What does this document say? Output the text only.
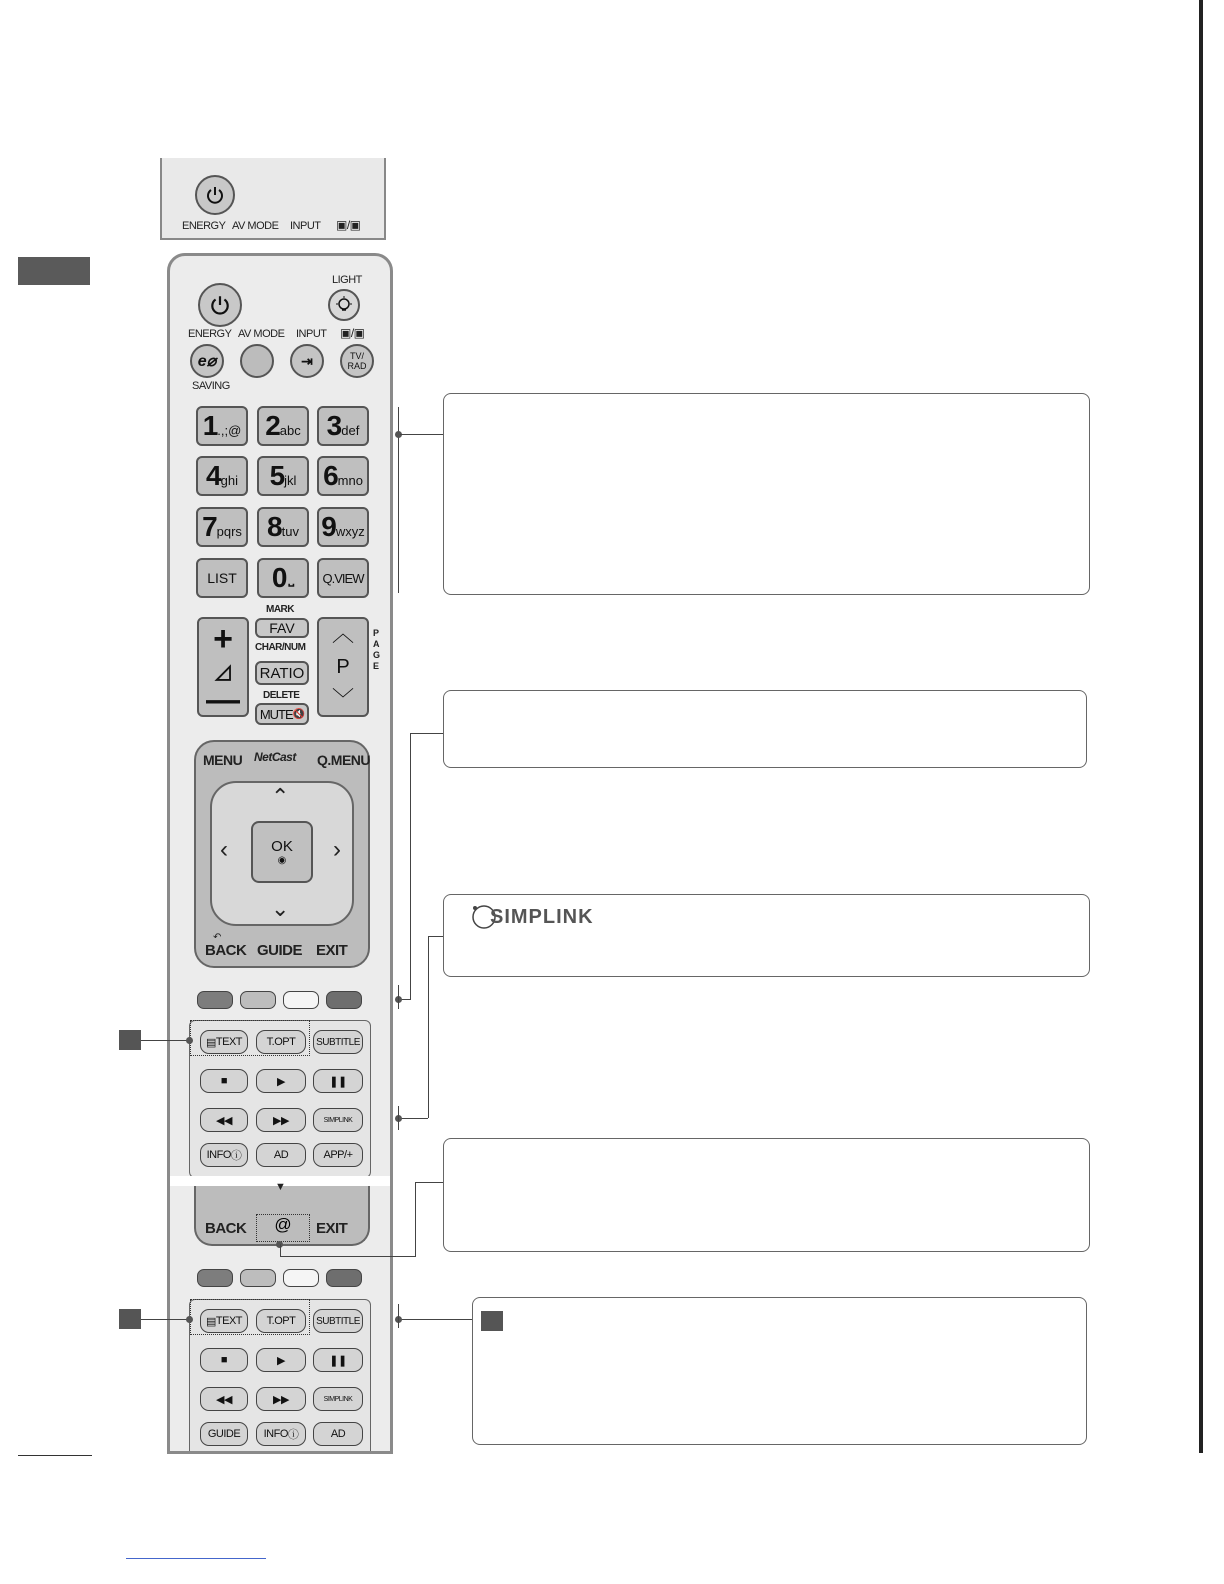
ENERGY AV MODE INPUT ▣/▣
LIGHT
ENERGY AV MODE INPUT ▣/▣
e⌀	⇥	TV/
RAD
SAVING
LIST	0 ⎵	Q.VIEW
+
◿
—
MARK
FAV
CHAR/NUM
RATIO
DELETE
MUTE 🔇
︿
P
﹀
PAGE
MENU NetCast Q.MENU
⌃
‹	›
⌄
OK
◉
↶
BACK GUIDE EXIT
▤ TEXT	T.OPT	SUBTITLE
■	▶	❚❚
◀◀	▶▶	SIMPLINK
INFO ⓘ	AD	APP/+
▼
BACK	@	EXIT
▤ TEXT	T.OPT	SUBTITLE
■	▶	❚❚
◀◀	▶▶	SIMPLINK
GUIDE	INFO ⓘ	AD
1 .,;@ 2 abc 3 def
4 ghi 5 jkl 6 mno
7 pqrs 8 tuv 9 wxyz
SIMPLINK
